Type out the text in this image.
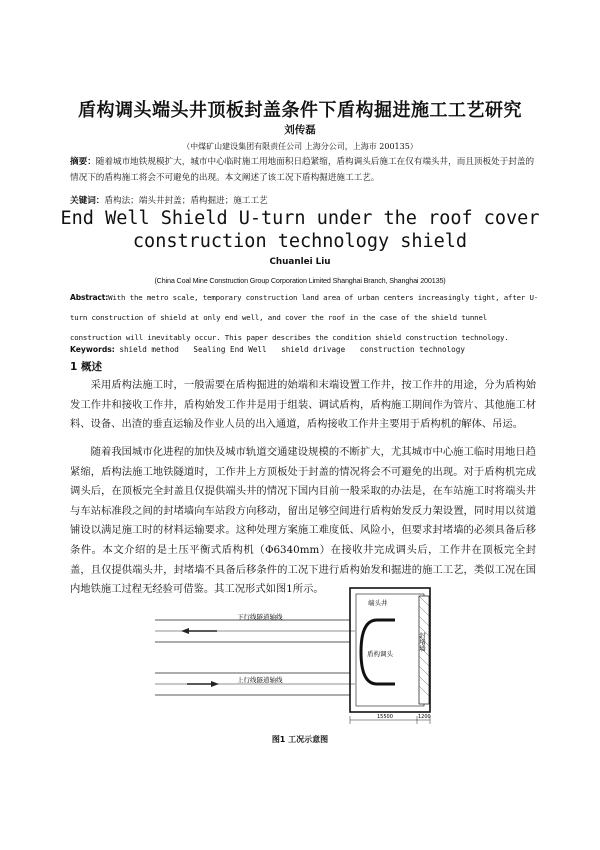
盾构调头端头井顶板封盖条件下盾构掘进施工工艺研究
刘传磊
（中煤矿山建设集团有限责任公司 上海分公司，上海市 200135）
摘要：随着城市地铁规模扩大，城市中心临时施工用地面积日趋紧缩，盾构调头后施工在仅有端头井，而且顶板处于封盖的情况下的盾构施工将会不可避免的出现。本文阐述了该工况下盾构掘进施工工艺。
关键词：盾构法；端头井封盖；盾构掘进；施工工艺
End Well Shield U-turn under the roof cover
construction technology shield
Chuanlei Liu
(China Coal Mine Construction Group Corporation Limited Shanghai Branch, Shanghai 200135)
Abstract:With the metro scale, temporary construction land area of urban centers increasingly tight, after U-turn construction of shield at only end well, and cover the roof in the case of the shield tunnel construction will inevitably occur. This paper describes the condition shield construction technology.
Keywords: shield method Sealing End Well shield drivage construction technology
1 概述
采用盾构法施工时，一般需要在盾构掘进的始端和末端设置工作井，按工作井的用途，分为盾构始发工作井和接收工作井，盾构始发工作井是用于组装、调试盾构，盾构施工期间作为管片、其他施工材料、设备、出渣的垂直运输及作业人员的出入通道，盾构接收工作井主要用于盾构机的解体、吊运。
随着我国城市化进程的加快及城市轨道交通建设规模的不断扩大，尤其城市中心施工临时用地日趋紧缩，盾构法施工地铁隧道时，工作井上方顶板处于封盖的情况将会不可避免的出现。对于盾构机完成调头后，在顶板完全封盖且仅提供端头井的情况下国内目前一般采取的办法是，在车站施工时将端头井与车站标准段之间的封堵墙向车站段方向移动，留出足够空间进行盾构始发反力架设置，同时用以贫道铺设以满足施工时的材料运输要求。这种处理方案施工难度低、风险小，但要求封堵墙的必须具备后移条件。本文介绍的是土压平衡式盾构机（Φ6340mm）在接收井完成调头后，工作井在顶板完全封盖，且仅提供端头井，封堵墙不具备后移条件的工况下进行盾构始发和掘进的施工工艺，类似工况在国内地铁施工过程无经验可借鉴。其工况形式如图1所示。
下行线隧道轴线
上行线隧道轴线
端头井
封堵墙
盾构调头
15500	1200
图1 工况示意图
